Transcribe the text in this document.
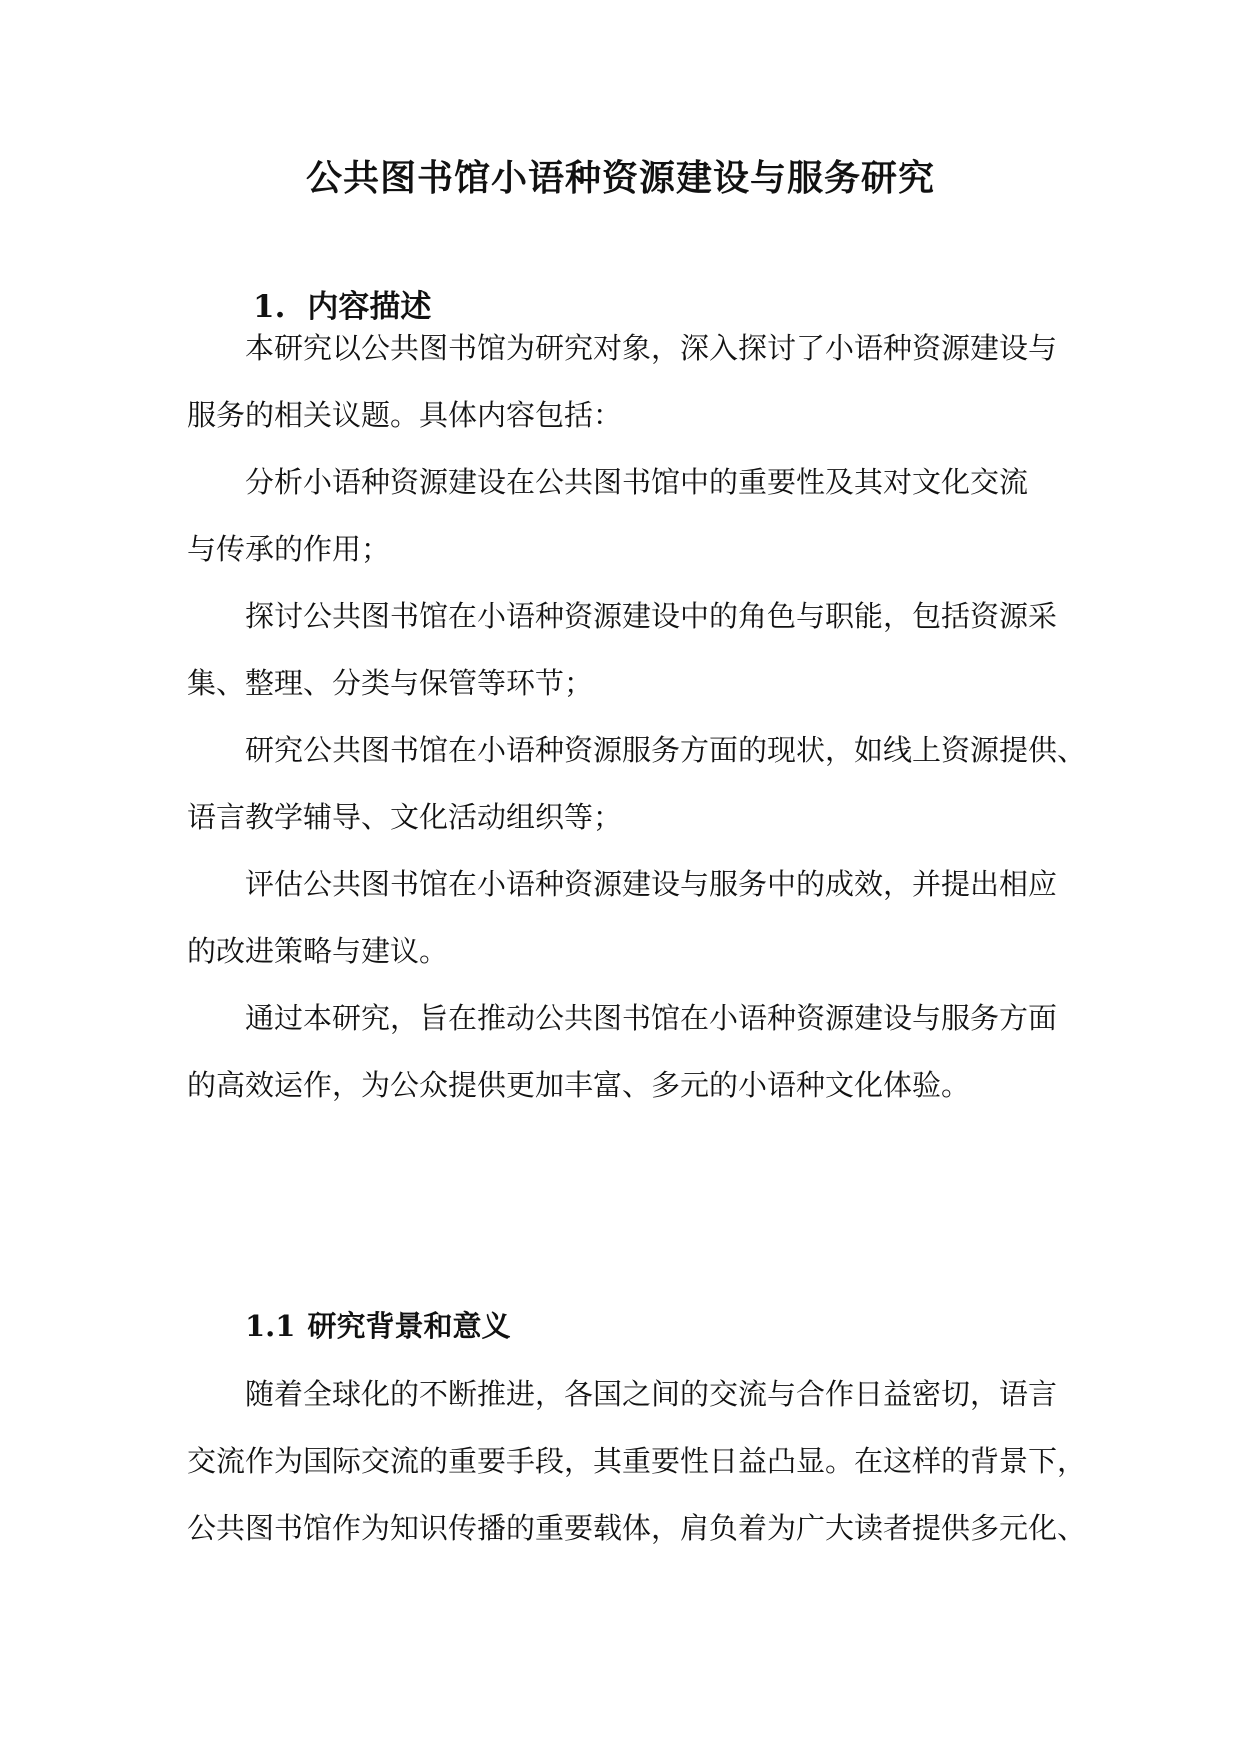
公共图书馆小语种资源建设与服务研究
1. 内容描述
本研究以公共图书馆为研究对象，深入探讨了小语种资源建设与
服务的相关议题。具体内容包括：
分析小语种资源建设在公共图书馆中的重要性及其对文化交流
与传承的作用；
探讨公共图书馆在小语种资源建设中的角色与职能，包括资源采
集、整理、分类与保管等环节；
研究公共图书馆在小语种资源服务方面的现状，如线上资源提供、
语言教学辅导、文化活动组织等；
评估公共图书馆在小语种资源建设与服务中的成效，并提出相应
的改进策略与建议。
通过本研究，旨在推动公共图书馆在小语种资源建设与服务方面
的高效运作，为公众提供更加丰富、多元的小语种文化体验。
1.1 研究背景和意义
随着全球化的不断推进，各国之间的交流与合作日益密切，语言
交流作为国际交流的重要手段，其重要性日益凸显。在这样的背景下，
公共图书馆作为知识传播的重要载体，肩负着为广大读者提供多元化、
